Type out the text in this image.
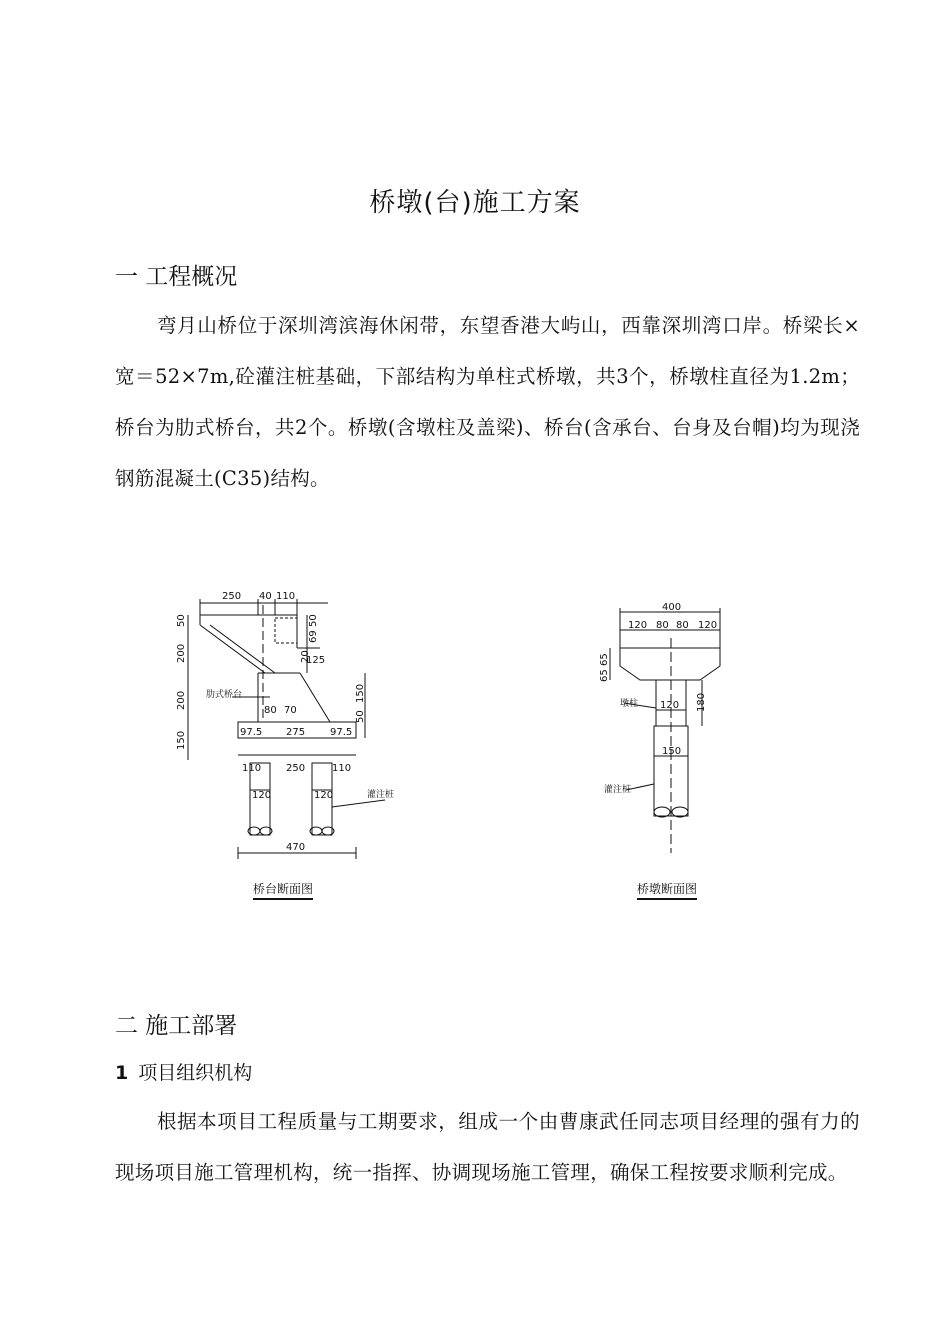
桥墩(台)施工方案
一 工程概况
弯月山桥位于深圳湾滨海休闲带，东望香港大屿山，西靠深圳湾口岸。桥梁长×宽＝52×7m,砼灌注桩基础，下部结构为单柱式桥墩，共3个，桥墩柱直径为1.2m；桥台为肋式桥台，共2个。桥墩(含墩柱及盖梁)、桥台(含承台、台身及台帽)均为现浇钢筋混凝土(C35)结构。
250 40 110
50
200
200
150
50
69
20
125
150
50
80 70
97.5 275 97.5
110 250	110
120	120
470
肋式桥台
灌注桩
桥台断面图
400
120 80 80 120
65
65
180
120
150
墩柱
灌注桩
桥墩断面图
二 施工部署
1 项目组织机构
根据本项目工程质量与工期要求，组成一个由曹康武任同志项目经理的强有力的现场项目施工管理机构，统一指挥、协调现场施工管理，确保工程按要求顺利完成。
